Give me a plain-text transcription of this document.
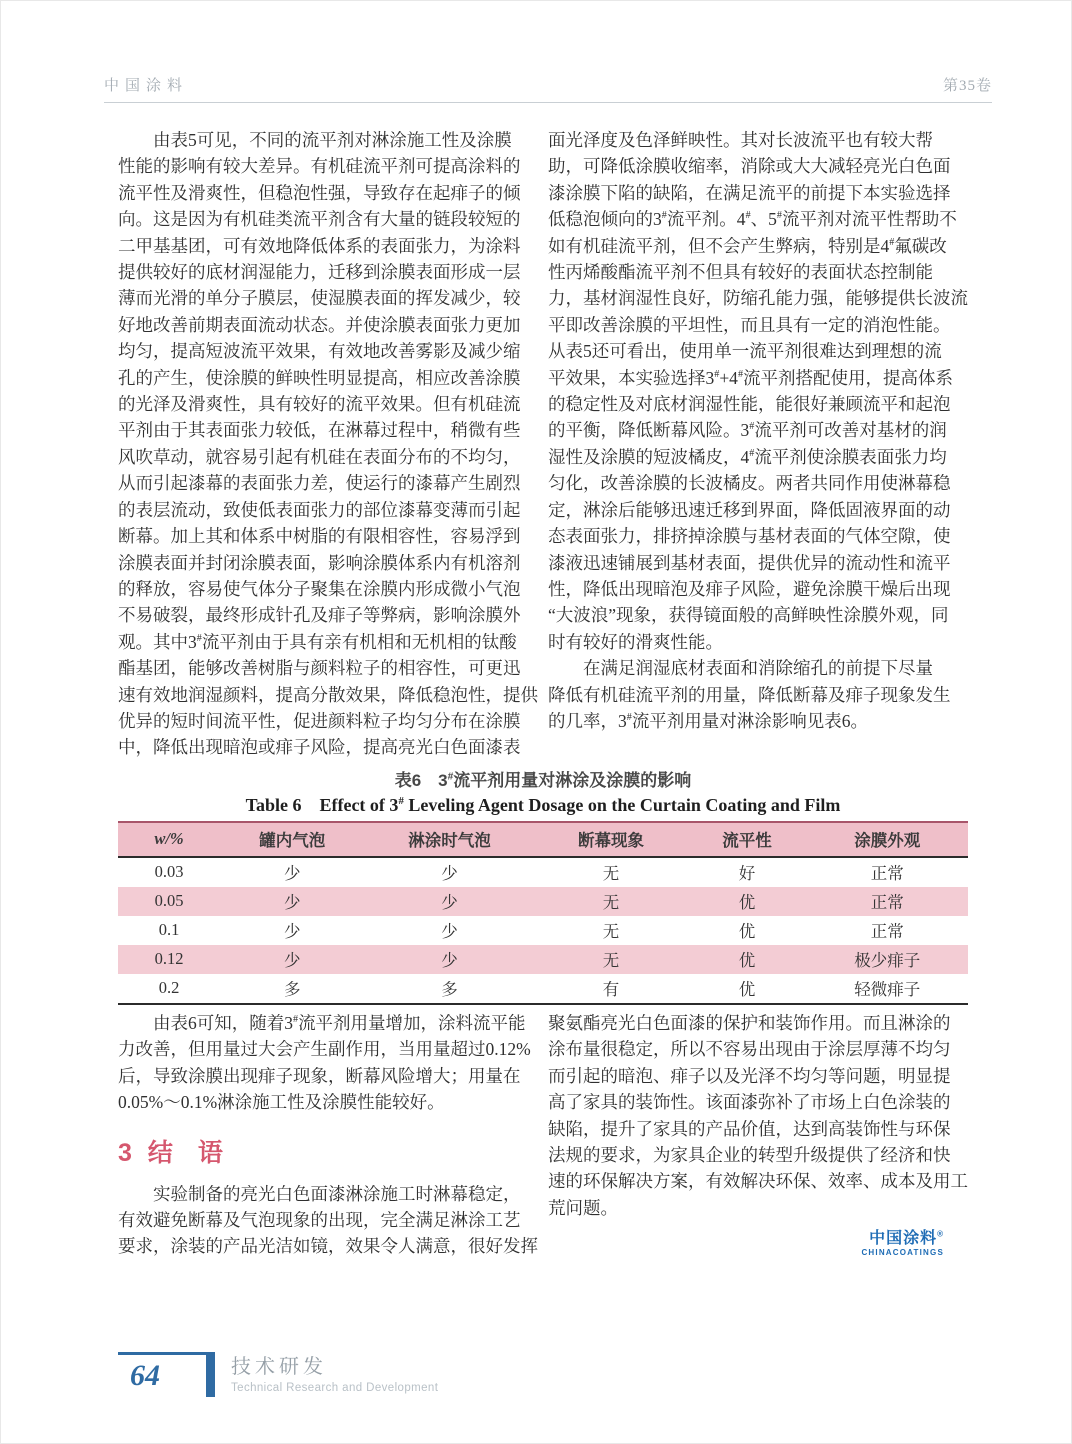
中国涂料	第35卷
　　由表5可见，不同的流平剂对淋涂施工性及涂膜
性能的影响有较大差异。有机硅流平剂可提高涂料的
流平性及滑爽性，但稳泡性强，导致存在起痱子的倾
向。这是因为有机硅类流平剂含有大量的链段较短的
二甲基基团，可有效地降低体系的表面张力，为涂料
提供较好的底材润湿能力，迁移到涂膜表面形成一层
薄而光滑的单分子膜层，使湿膜表面的挥发减少，较
好地改善前期表面流动状态。并使涂膜表面张力更加
均匀，提高短波流平效果，有效地改善雾影及减少缩
孔的产生，使涂膜的鲜映性明显提高，相应改善涂膜
的光泽及滑爽性，具有较好的流平效果。但有机硅流
平剂由于其表面张力较低，在淋幕过程中，稍微有些
风吹草动，就容易引起有机硅在表面分布的不均匀，
从而引起漆幕的表面张力差，使运行的漆幕产生剧烈
的表层流动，致使低表面张力的部位漆幕变薄而引起
断幕。加上其和体系中树脂的有限相容性，容易浮到
涂膜表面并封闭涂膜表面，影响涂膜体系内有机溶剂
的释放，容易使气体分子聚集在涂膜内形成微小气泡
不易破裂，最终形成针孔及痱子等弊病，影响涂膜外
观。其中3#流平剂由于具有亲有机相和无机相的钛酸
酯基团，能够改善树脂与颜料粒子的相容性，可更迅
速有效地润湿颜料，提高分散效果，降低稳泡性，提供
优异的短时间流平性，促进颜料粒子均匀分布在涂膜
中，降低出现暗泡或痱子风险，提高亮光白色面漆表
面光泽度及色泽鲜映性。其对长波流平也有较大帮
助，可降低涂膜收缩率，消除或大大减轻亮光白色面
漆涂膜下陷的缺陷，在满足流平的前提下本实验选择
低稳泡倾向的3#流平剂。4#、5#流平剂对流平性帮助不
如有机硅流平剂，但不会产生弊病，特别是4#氟碳改
性丙烯酸酯流平剂不但具有较好的表面状态控制能
力，基材润湿性良好，防缩孔能力强，能够提供长波流
平即改善涂膜的平坦性，而且具有一定的消泡性能。
从表5还可看出，使用单一流平剂很难达到理想的流
平效果，本实验选择3#+4#流平剂搭配使用，提高体系
的稳定性及对底材润湿性能，能很好兼顾流平和起泡
的平衡，降低断幕风险。3#流平剂可改善对基材的润
湿性及涂膜的短波橘皮，4#流平剂使涂膜表面张力均
匀化，改善涂膜的长波橘皮。两者共同作用使淋幕稳
定，淋涂后能够迅速迁移到界面，降低固液界面的动
态表面张力，排挤掉涂膜与基材表面的气体空隙，使
漆液迅速铺展到基材表面，提供优异的流动性和流平
性，降低出现暗泡及痱子风险，避免涂膜干燥后出现
“大波浪”现象，获得镜面般的高鲜映性涂膜外观，同
时有较好的滑爽性能。
　　在满足润湿底材表面和消除缩孔的前提下尽量
降低有机硅流平剂的用量，降低断幕及痱子现象发生
的几率，3#流平剂用量对淋涂影响见表6。
表6　3#流平剂用量对淋涂及涂膜的影响
Table 6　Effect of 3# Leveling Agent Dosage on the Curtain Coating and Film
w/%	罐内气泡	淋涂时气泡	断幕现象	流平性	涂膜外观
0.03	少	少	无	好	正常
0.05	少	少	无	优	正常
0.1	少	少	无	优	正常
0.12	少	少	无	优	极少痱子
0.2	多	多	有	优	轻微痱子
　　由表6可知，随着3#流平剂用量增加，涂料流平能
力改善，但用量过大会产生副作用，当用量超过0.12%
后，导致涂膜出现痱子现象，断幕风险增大；用量在
0.05%～0.1%淋涂施工性及涂膜性能较好。
3 结　语
　　实验制备的亮光白色面漆淋涂施工时淋幕稳定，
有效避免断幕及气泡现象的出现，完全满足淋涂工艺
要求，涂装的产品光洁如镜，效果令人满意，很好发挥
聚氨酯亮光白色面漆的保护和装饰作用。而且淋涂的
涂布量很稳定，所以不容易出现由于涂层厚薄不均匀
而引起的暗泡、痱子以及光泽不均匀等问题，明显提
高了家具的装饰性。该面漆弥补了市场上白色涂装的
缺陷，提升了家具的产品价值，达到高装饰性与环保
法规的要求，为家具企业的转型升级提供了经济和快
速的环保解决方案，有效解决环保、效率、成本及用工
荒问题。
中国涂料®
CHINACOATINGS
64	技术研发
Technical Research and Development
